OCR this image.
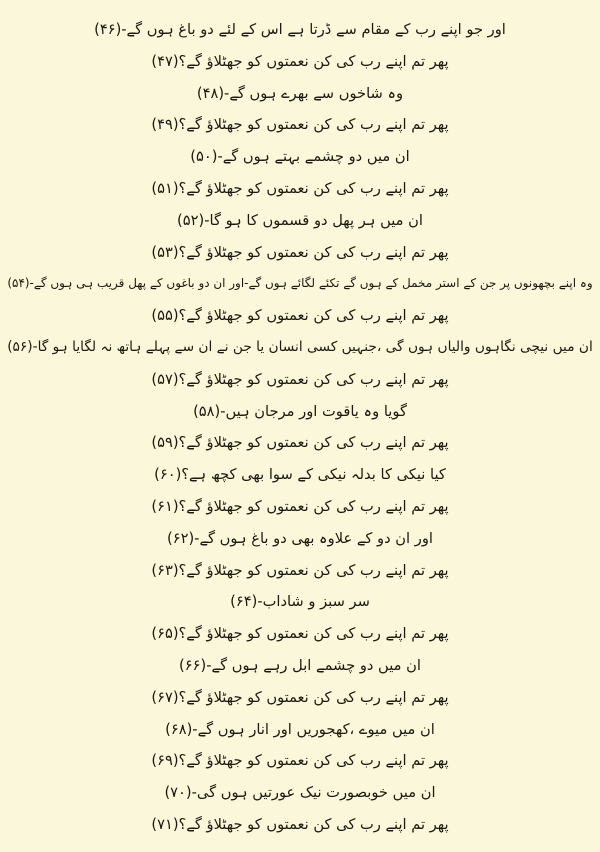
اور جو اپنے رب کے مقام سے ڈرتا ہے اس کے لئے دو باغ ہوں گے-(۴۶)

پھر تم اپنے رب کی کن نعمتوں کو جھٹلاؤ گے؟(۴۷)

وہ شاخوں سے بھرے ہوں گے-(۴۸)

پھر تم اپنے رب کی کن نعمتوں کو جھٹلاؤ گے؟(۴۹)

ان میں دو چشمے بہتے ہوں گے-(۵۰)

پھر تم اپنے رب کی کن نعمتوں کو جھٹلاؤ گے؟(۵۱)

ان میں ہر پھل دو قسموں کا ہو گا-(۵۲)

پھر تم اپنے رب کی کن نعمتوں کو جھٹلاؤ گے؟(۵۳)

وہ اپنے بچھونوں پر جن کے استر مخمل کے ہوں گے تکئے لگائے ہوں گے-اور ان دو باغوں کے پھل قریب ہی ہوں گے-(۵۴)

پھر تم اپنے رب کی کن نعمتوں کو جھٹلاؤ گے؟(۵۵)

ان میں نیچی نگاہوں والیاں ہوں گی ،جنہیں کسی انسان یا جن نے ان سے پہلے ہاتھ نہ لگایا ہو گا-(۵۶)

پھر تم اپنے رب کی کن نعمتوں کو جھٹلاؤ گے؟(۵۷)

گویا وہ یاقوت اور مرجان ہیں-(۵۸)

پھر تم اپنے رب کی کن نعمتوں کو جھٹلاؤ گے؟(۵۹)

کیا نیکی کا بدلہ نیکی کے سوا بھی کچھ ہے؟(۶۰)

پھر تم اپنے رب کی کن نعمتوں کو جھٹلاؤ گے؟(۶۱)

اور ان دو کے علاوہ بھی دو باغ ہوں گے-(۶۲)

پھر تم اپنے رب کی کن نعمتوں کو جھٹلاؤ گے؟(۶۳)

سر سبز و شاداب-(۶۴)

پھر تم اپنے رب کی کن نعمتوں کو جھٹلاؤ گے؟(۶۵)

ان میں دو چشمے ابل رہے ہوں گے-(۶۶)

پھر تم اپنے رب کی کن نعمتوں کو جھٹلاؤ گے؟(۶۷)

ان میں میوے ،کھجوریں اور انار ہوں گے-(۶۸)

پھر تم اپنے رب کی کن نعمتوں کو جھٹلاؤ گے؟(۶۹)

ان میں خوبصورت نیک عورتیں ہوں گی-(۷۰)

پھر تم اپنے رب کی کن نعمتوں کو جھٹلاؤ گے؟(۷۱)
